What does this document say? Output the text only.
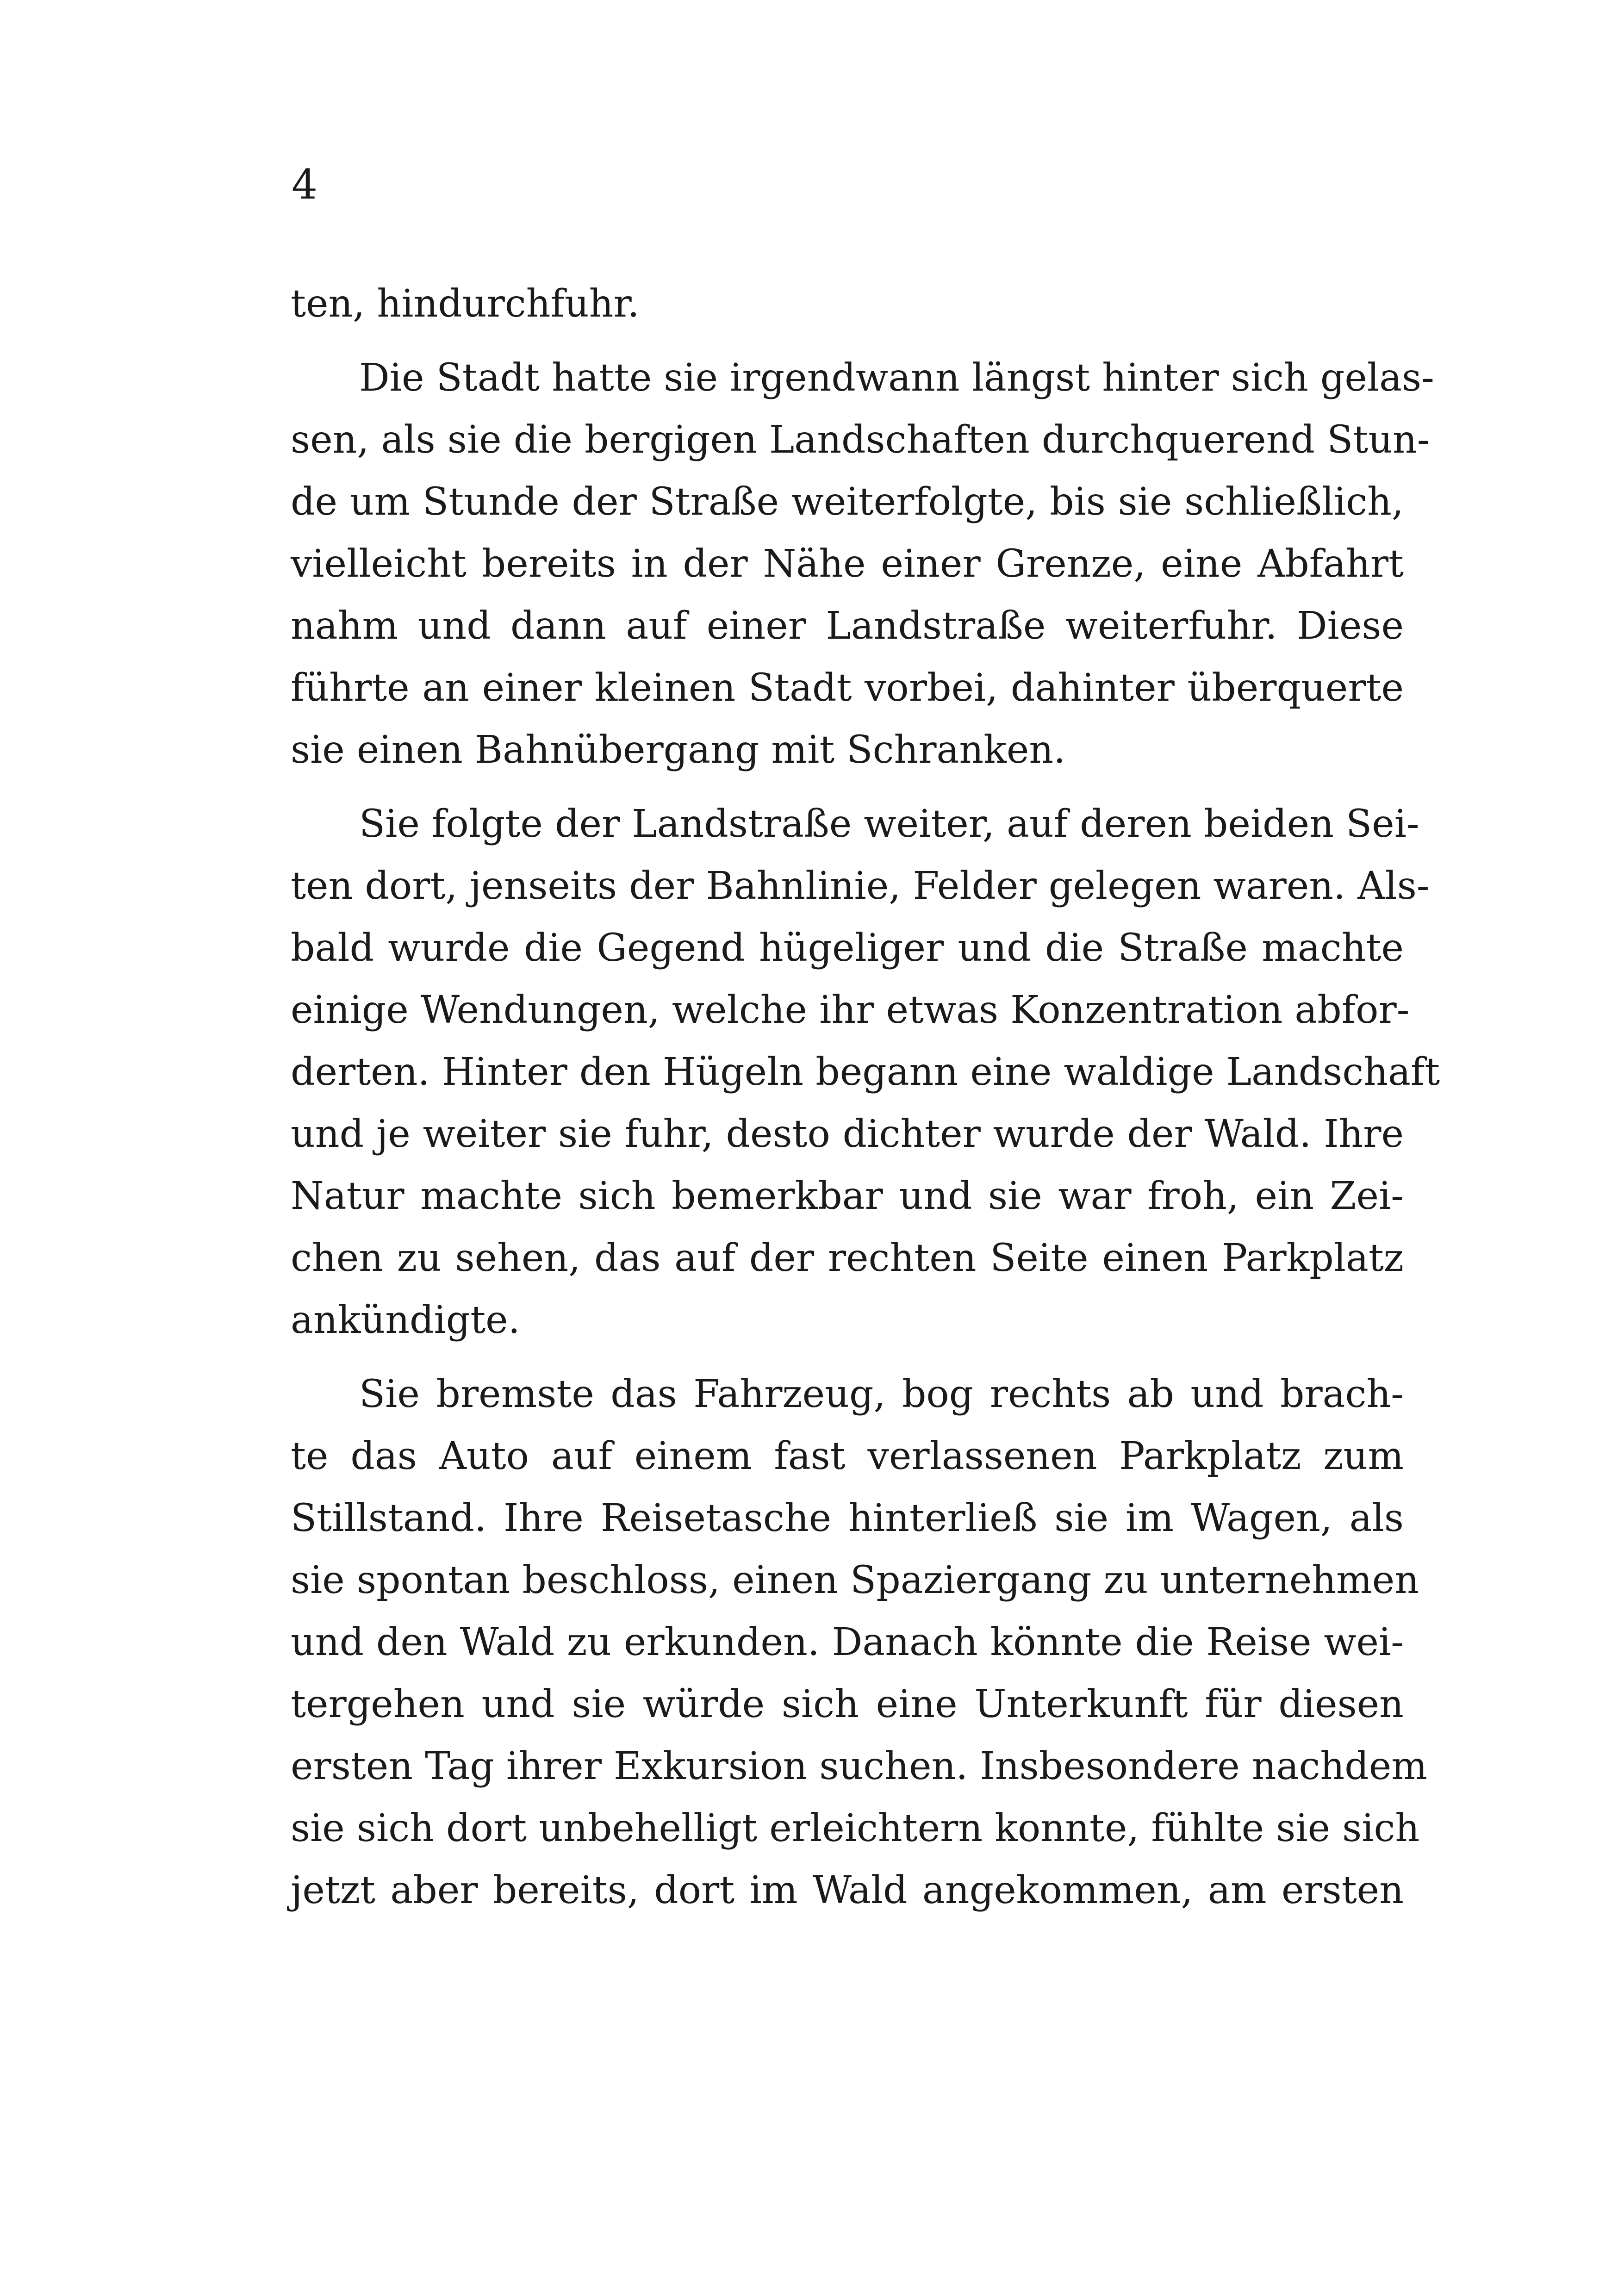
4
ten, hindurchfuhr.
Die Stadt hatte sie irgendwann längst hinter sich gelas-
sen, als sie die bergigen Landschaften durchquerend Stun-
de um Stunde der Straße weiterfolgte, bis sie schließlich,
vielleicht bereits in der Nähe einer Grenze, eine Abfahrt
nahm und dann auf einer Landstraße weiterfuhr. Diese
führte an einer kleinen Stadt vorbei, dahinter überquerte
sie einen Bahnübergang mit Schranken.
Sie folgte der Landstraße weiter, auf deren beiden Sei-
ten dort, jenseits der Bahnlinie, Felder gelegen waren. Als-
bald wurde die Gegend hügeliger und die Straße machte
einige Wendungen, welche ihr etwas Konzentration abfor-
derten. Hinter den Hügeln begann eine waldige Landschaft
und je weiter sie fuhr, desto dichter wurde der Wald. Ihre
Natur machte sich bemerkbar und sie war froh, ein Zei-
chen zu sehen, das auf der rechten Seite einen Parkplatz
ankündigte.
Sie bremste das Fahrzeug, bog rechts ab und brach-
te das Auto auf einem fast verlassenen Parkplatz zum
Stillstand. Ihre Reisetasche hinterließ sie im Wagen, als
sie spontan beschloss, einen Spaziergang zu unternehmen
und den Wald zu erkunden. Danach könnte die Reise wei-
tergehen und sie würde sich eine Unterkunft für diesen
ersten Tag ihrer Exkursion suchen. Insbesondere nachdem
sie sich dort unbehelligt erleichtern konnte, fühlte sie sich
jetzt aber bereits, dort im Wald angekommen, am ersten
